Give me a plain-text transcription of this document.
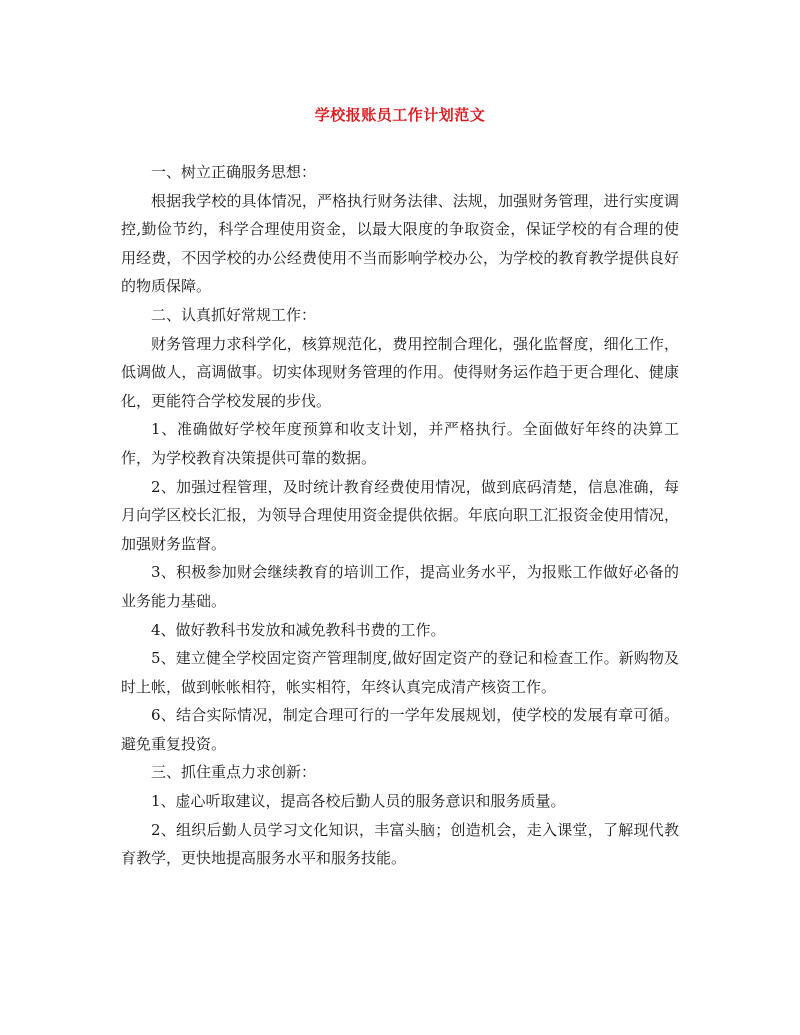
学校报账员工作计划范文

一、树立正确服务思想：

根据我学校的具体情况，严格执行财务法律、法规，加强财务管理，进行实度调控,勤俭节约，科学合理使用资金，以最大限度的争取资金，保证学校的有合理的使用经费，不因学校的办公经费使用不当而影响学校办公，为学校的教育教学提供良好的物质保障。

二、认真抓好常规工作：

财务管理力求科学化，核算规范化，费用控制合理化，强化监督度，细化工作，低调做人，高调做事。切实体现财务管理的作用。使得财务运作趋于更合理化、健康化，更能符合学校发展的步伐。

1、准确做好学校年度预算和收支计划，并严格执行。全面做好年终的决算工作，为学校教育决策提供可靠的数据。

2、加强过程管理，及时统计教育经费使用情况，做到底码清楚，信息准确，每月向学区校长汇报，为领导合理使用资金提供依据。年底向职工汇报资金使用情况，加强财务监督。

3、积极参加财会继续教育的培训工作，提高业务水平，为报账工作做好必备的业务能力基础。

4、做好教科书发放和减免教科书费的工作。

5、建立健全学校固定资产管理制度,做好固定资产的登记和检查工作。新购物及时上帐，做到帐帐相符，帐实相符，年终认真完成清产核资工作。

6、结合实际情况，制定合理可行的一学年发展规划，使学校的发展有章可循。避免重复投资。

三、抓住重点力求创新：

1、虚心听取建议，提高各校后勤人员的服务意识和服务质量。

2、组织后勤人员学习文化知识，丰富头脑；创造机会，走入课堂，了解现代教育教学，更快地提高服务水平和服务技能。
